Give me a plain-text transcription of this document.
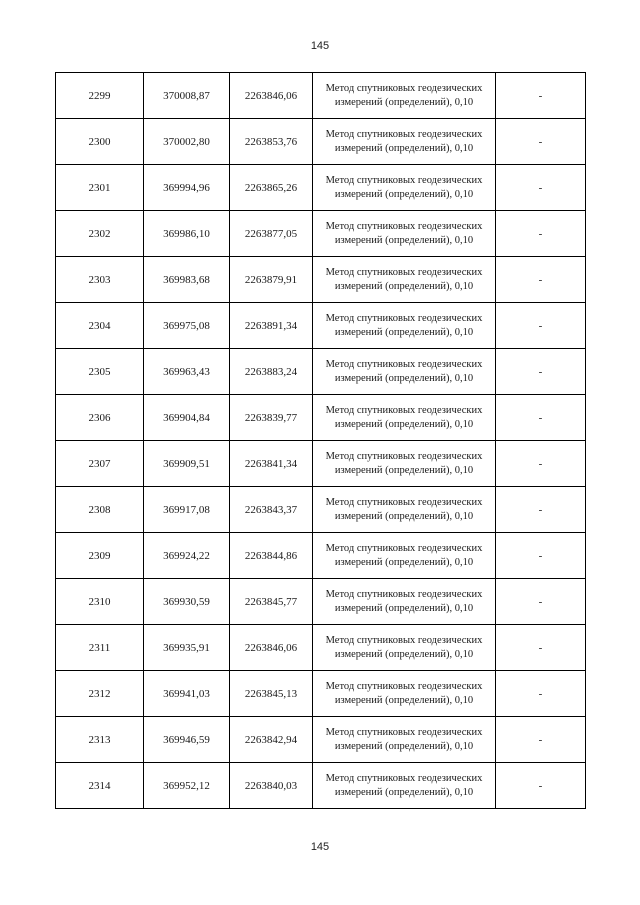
145
2299	370008,87	2263846,06	Метод спутниковых геодезических измерений (определений), 0,10	-
2300	370002,80	2263853,76	Метод спутниковых геодезических измерений (определений), 0,10	-
2301	369994,96	2263865,26	Метод спутниковых геодезических измерений (определений), 0,10	-
2302	369986,10	2263877,05	Метод спутниковых геодезических измерений (определений), 0,10	-
2303	369983,68	2263879,91	Метод спутниковых геодезических измерений (определений), 0,10	-
2304	369975,08	2263891,34	Метод спутниковых геодезических измерений (определений), 0,10	-
2305	369963,43	2263883,24	Метод спутниковых геодезических измерений (определений), 0,10	-
2306	369904,84	2263839,77	Метод спутниковых геодезических измерений (определений), 0,10	-
2307	369909,51	2263841,34	Метод спутниковых геодезических измерений (определений), 0,10	-
2308	369917,08	2263843,37	Метод спутниковых геодезических измерений (определений), 0,10	-
2309	369924,22	2263844,86	Метод спутниковых геодезических измерений (определений), 0,10	-
2310	369930,59	2263845,77	Метод спутниковых геодезических измерений (определений), 0,10	-
2311	369935,91	2263846,06	Метод спутниковых геодезических измерений (определений), 0,10	-
2312	369941,03	2263845,13	Метод спутниковых геодезических измерений (определений), 0,10	-
2313	369946,59	2263842,94	Метод спутниковых геодезических измерений (определений), 0,10	-
2314	369952,12	2263840,03	Метод спутниковых геодезических измерений (определений), 0,10	-
145
